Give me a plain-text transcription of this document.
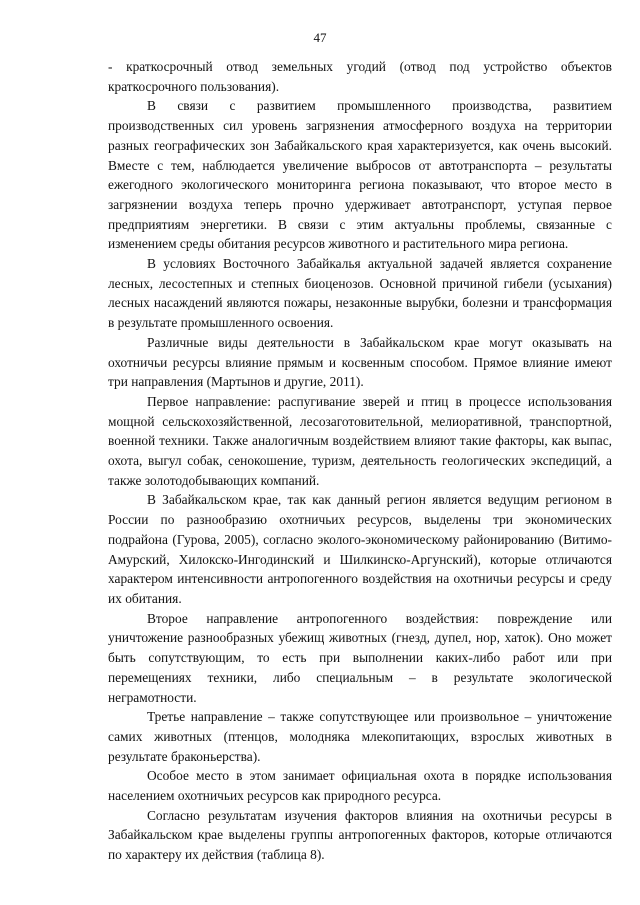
47

- краткосрочный отвод земельных угодий (отвод под устройство объектов краткосрочного пользования).

В связи с развитием промышленного производства, развитием производственных сил уровень загрязнения атмосферного воздуха на территории разных географических зон Забайкальского края характеризуется, как очень высокий. Вместе с тем, наблюдается увеличение выбросов от автотранспорта – результаты ежегодного экологического мониторинга региона показывают, что второе место в загрязнении воздуха теперь прочно удерживает автотранспорт, уступая первое предприятиям энергетики. В связи с этим актуальны проблемы, связанные с изменением среды обитания ресурсов животного и растительного мира региона.

В условиях Восточного Забайкалья актуальной задачей является сохранение лесных, лесостепных и степных биоценозов. Основной причиной гибели (усыхания) лесных насаждений являются пожары, незаконные вырубки, болезни и трансформация в результате промышленного освоения.

Различные виды деятельности в Забайкальском крае могут оказывать на охотничьи ресурсы влияние прямым и косвенным способом. Прямое влияние имеют три направления (Мартынов и другие, 2011).

Первое направление: распугивание зверей и птиц в процессе использования мощной сельскохозяйственной, лесозаготовительной, мелиоративной, транспортной, военной техники. Также аналогичным воздействием влияют такие факторы, как выпас, охота, выгул собак, сенокошение, туризм, деятельность геологических экспедиций, а также золотодобывающих компаний.

В Забайкальском крае, так как данный регион является ведущим регионом в России по разнообразию охотничьих ресурсов, выделены три экономических подрайона (Гурова, 2005), согласно эколого-экономическому районированию (Витимо-Амурский, Хилокско-Ингодинский и Шилкинско-Аргунский), которые отличаются характером интенсивности антропогенного воздействия на охотничьи ресурсы и среду их обитания.

Второе направление антропогенного воздействия: повреждение или уничтожение разнообразных убежищ животных (гнезд, дупел, нор, хаток). Оно может быть сопутствующим, то есть при выполнении каких-либо работ или при перемещениях техники, либо специальным – в результате экологической неграмотности.

Третье направление – также сопутствующее или произвольное – уничтожение самих животных (птенцов, молодняка млекопитающих, взрослых животных в результате браконьерства).

Особое место в этом занимает официальная охота в порядке использования населением охотничьих ресурсов как природного ресурса.

Согласно результатам изучения факторов влияния на охотничьи ресурсы в Забайкальском крае выделены группы антропогенных факторов, которые отличаются по характеру их действия (таблица 8).
